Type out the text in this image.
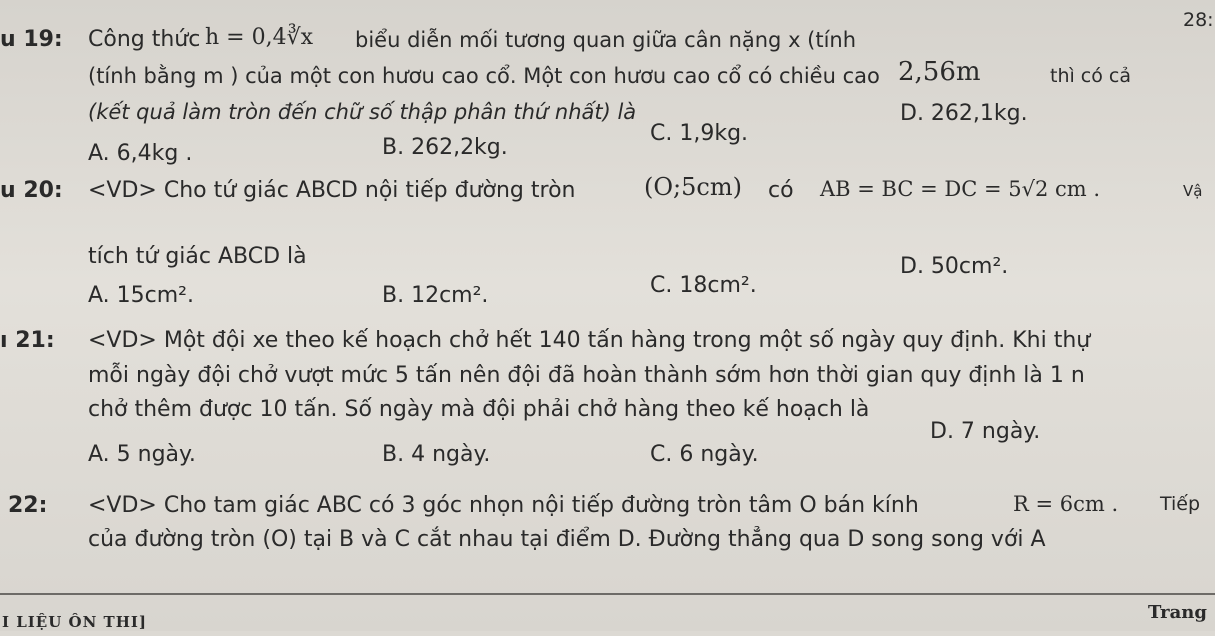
28:
u 19: Công thức h = 0,4∛x biểu diễn mối tương quan giữa cân nặng x (tính
(tính bằng m ) của một con hươu cao cổ. Một con hươu cao cổ có chiều cao 2,56m	thì có cả
(kết quả làm tròn đến chữ số thập phân thứ nhất) là
A. 6,4kg .	B. 262,2kg.
C. 1,9kg.
D. 262,1kg.
u 20: <VD> Cho tứ giác ABCD nội tiếp đường tròn	(O;5cm) có AB = BC = DC = 5√2 cm .	Vậ
tích tứ giác ABCD là
A. 15cm².	B. 12cm².	C. 18cm².
D. 50cm².
ı 21: <VD> Một đội xe theo kế hoạch chở hết 140 tấn hàng trong một số ngày quy định. Khi thự
mỗi ngày đội chở vượt mức 5 tấn nên đội đã hoàn thành sớm hơn thời gian quy định là 1 n
chở thêm được 10 tấn. Số ngày mà đội phải chở hàng theo kế hoạch là
A. 5 ngày.	B. 4 ngày.	C. 6 ngày.
D. 7 ngày.
22: <VD> Cho tam giác ABC có 3 góc nhọn nội tiếp đường tròn tâm O bán kính	R = 6cm . Tiếp
của đường tròn (O) tại B và C cắt nhau tại điểm D. Đường thẳng qua D song song với A
I LIỆU ÔN THI]	Trang
